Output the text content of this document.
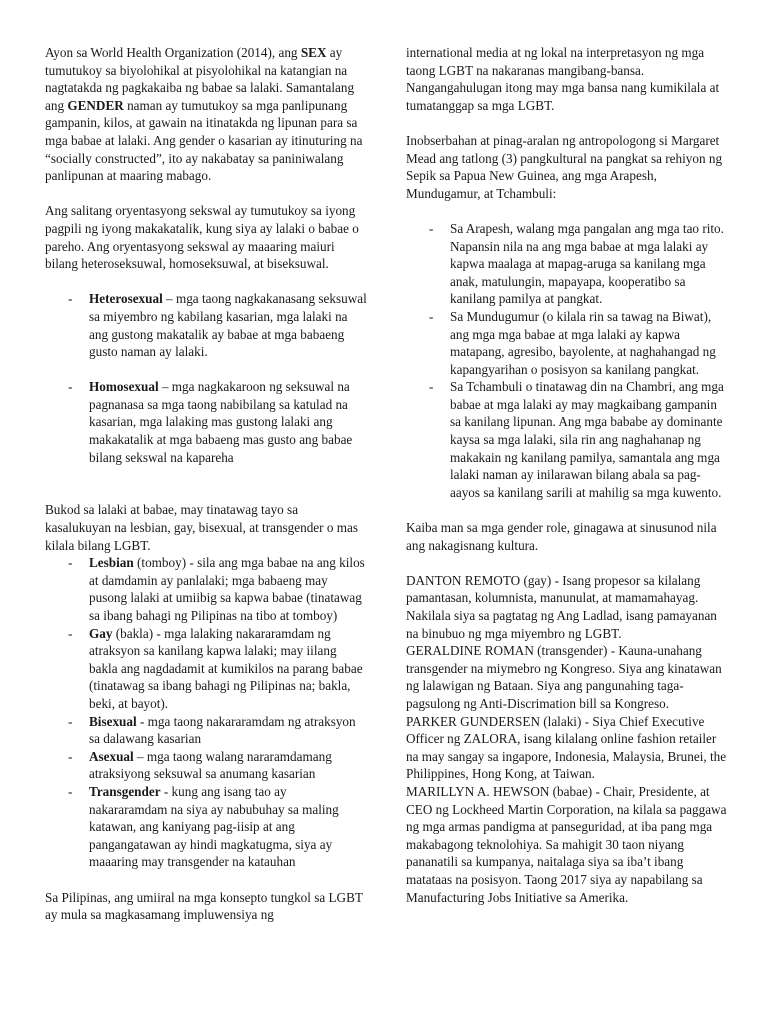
Ayon sa World Health Organization (2014), ang SEX ay tumutukoy sa biyolohikal at pisyolohikal na katangian na nagtatakda ng pagkakaiba ng babae sa lalaki. Samantalang ang GENDER naman ay tumutukoy sa mga panlipunang gampanin, kilos, at gawain na itinatakda ng lipunan para sa mga babae at lalaki. Ang gender o kasarian ay itinuturing na “socially constructed”, ito ay nakabatay sa paniniwalang panlipunan at maaring mabago.

Ang salitang oryentasyong sekswal ay tumutukoy sa iyong pagpili ng iyong makakatalik, kung siya ay lalaki o babae o pareho. Ang oryentasyong sekswal ay maaaring maiuri bilang heteroseksuwal, homoseksuwal, at biseksuwal.

- Heterosexual – mga taong nagkakanasang seksuwal sa miyembro ng kabilang kasarian, mga lalaki na ang gustong makatalik ay babae at mga babaeng gusto naman ay lalaki.
- Homosexual – mga nagkakaroon ng seksuwal na pagnanasa sa mga taong nabibilang sa katulad na kasarian, mga lalaking mas gustong lalaki ang makakatalik at mga babaeng mas gusto ang babae bilang sekswal na kapareha

Bukod sa lalaki at babae, may tinatawag tayo sa kasalukuyan na lesbian, gay, bisexual, at transgender o mas kilala bilang LGBT.

- Lesbian (tomboy) - sila ang mga babae na ang kilos at damdamin ay panlalaki; mga babaeng may pusong lalaki at umiibig sa kapwa babae (tinatawag sa ibang bahagi ng Pilipinas na tibo at tomboy)
- Gay (bakla) - mga lalaking nakararamdam ng atraksyon sa kanilang kapwa lalaki; may iilang bakla ang nagdadamit at kumikilos na parang babae (tinatawag sa ibang bahagi ng Pilipinas na; bakla, beki, at bayot).
- Bisexual - mga taong nakararamdam ng atraksyon sa dalawang kasarian
- Asexual – mga taong walang nararamdamang atraksiyong seksuwal sa anumang kasarian
- Transgender - kung ang isang tao ay nakararamdam na siya ay nabubuhay sa maling katawan, ang kaniyang pag-iisip at ang pangangatawan ay hindi magkatugma, siya ay maaaring may transgender na katauhan

Sa Pilipinas, ang umiiral na mga konsepto tungkol sa LGBT ay mula sa magkasamang impluwensiya ng

international media at ng lokal na interpretasyon ng mga taong LGBT na nakaranas mangibang-bansa. Nangangahulugan itong may mga bansa nang kumikilala at tumatanggap sa mga LGBT.

Inobserbahan at pinag-aralan ng antropologong si Margaret Mead ang tatlong (3) pangkultural na pangkat sa rehiyon ng Sepik sa Papua New Guinea, ang mga Arapesh, Mundugamur, at Tchambuli:

- Sa Arapesh, walang mga pangalan ang mga tao rito. Napansin nila na ang mga babae at mga lalaki ay kapwa maalaga at mapag-aruga sa kanilang mga anak, matulungin, mapayapa, kooperatibo sa kanilang pamilya at pangkat.
- Sa Mundugumur (o kilala rin sa tawag na Biwat), ang mga mga babae at mga lalaki ay kapwa matapang, agresibo, bayolente, at naghahangad ng kapangyarihan o posisyon sa kanilang pangkat.
- Sa Tchambuli o tinatawag din na Chambri, ang mga babae at mga lalaki ay may magkaibang gampanin sa kanilang lipunan. Ang mga bababe ay dominante kaysa sa mga lalaki, sila rin ang naghahanap ng makakain ng kanilang pamilya, samantala ang mga lalaki naman ay inilarawan bilang abala sa pag-aayos sa kanilang sarili at mahilig sa mga kuwento.

Kaiba man sa mga gender role, ginagawa at sinusunod nila ang nakagisnang kultura.

DANTON REMOTO (gay) - Isang propesor sa kilalang pamantasan, kolumnista, manunulat, at mamamahayag. Nakilala siya sa pagtatag ng Ang Ladlad, isang pamayanan na binubuo ng mga miyembro ng LGBT.

GERALDINE ROMAN (transgender) - Kauna-unahang transgender na miymebro ng Kongreso. Siya ang kinatawan ng lalawigan ng Bataan. Siya ang pangunahing taga-pagsulong ng Anti-Discrimation bill sa Kongreso.

PARKER GUNDERSEN (lalaki) - Siya Chief Executive Officer ng ZALORA, isang kilalang online fashion retailer na may sangay sa ingapore, Indonesia, Malaysia, Brunei, the Philippines, Hong Kong, at Taiwan.

MARILLYN A. HEWSON (babae) - Chair, Presidente, at CEO ng Lockheed Martin Corporation, na kilala sa paggawa ng mga armas pandigma at panseguridad, at iba pang mga makabagong teknolohiya. Sa mahigit 30 taon niyang pananatili sa kumpanya, naitalaga siya sa iba’t ibang matataas na posisyon. Taong 2017 siya ay napabilang sa Manufacturing Jobs Initiative sa Amerika.
